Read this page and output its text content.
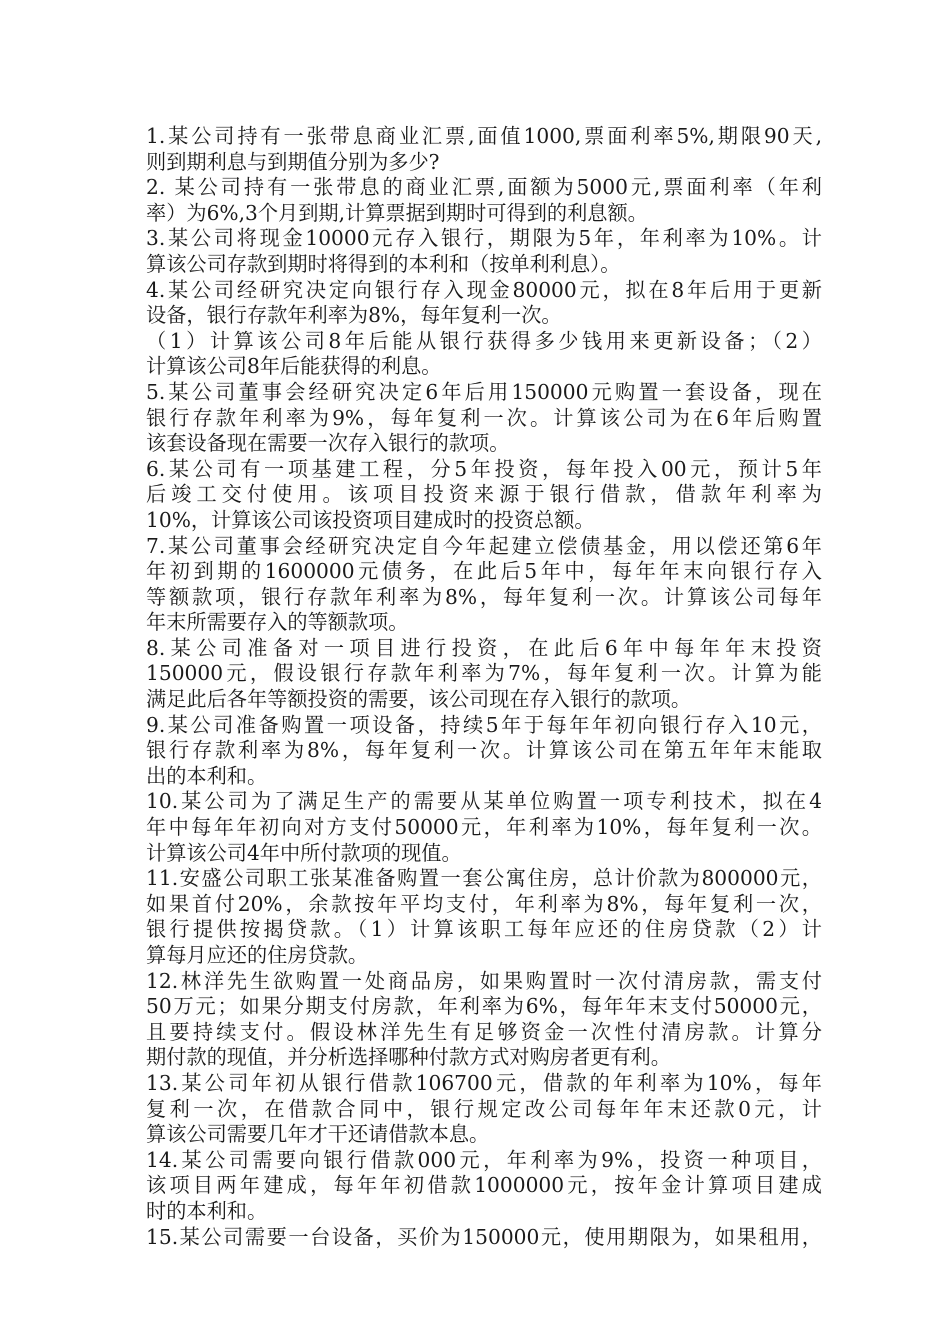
1.某公司持有一张带息商业汇票,面值1000,票面利率5%,期限90天,
则到期利息与到期值分别为多少?
2. 某公司持有一张带息的商业汇票,面额为5000元,票面利率（年利
率）为6%,3个月到期,计算票据到期时可得到的利息额。
3.某公司将现金10000元存入银行，期限为5年，年利率为10%。计
算该公司存款到期时将得到的本利和（按单利利息）。
4.某公司经研究决定向银行存入现金80000元，拟在8年后用于更新
设备，银行存款年利率为8%，每年复利一次。
（1）计算该公司8年后能从银行获得多少钱用来更新设备；（2）
计算该公司8年后能获得的利息。
5.某公司董事会经研究决定6年后用150000元购置一套设备，现在
银行存款年利率为9%，每年复利一次。计算该公司为在6年后购置
该套设备现在需要一次存入银行的款项。
6.某公司有一项基建工程，分5年投资，每年投入00元，预计5年
后竣工交付使用。该项目投资来源于银行借款，借款年利率为
10%，计算该公司该投资项目建成时的投资总额。
7.某公司董事会经研究决定自今年起建立偿债基金，用以偿还第6年
年初到期的1600000元债务，在此后5年中，每年年末向银行存入
等额款项，银行存款年利率为8%，每年复利一次。计算该公司每年
年末所需要存入的等额款项。
8.某公司准备对一项目进行投资，在此后6年中每年年末投资
150000元，假设银行存款年利率为7%，每年复利一次。计算为能
满足此后各年等额投资的需要，该公司现在存入银行的款项。
9.某公司准备购置一项设备，持续5年于每年年初向银行存入10元，
银行存款利率为8%，每年复利一次。计算该公司在第五年年末能取
出的本利和。
10.某公司为了满足生产的需要从某单位购置一项专利技术，拟在4
年中每年年初向对方支付50000元，年利率为10%，每年复利一次。
计算该公司4年中所付款项的现值。
11.安盛公司职工张某准备购置一套公寓住房，总计价款为800000元，
如果首付20%，余款按年平均支付，年利率为8%，每年复利一次，
银行提供按揭贷款。（1）计算该职工每年应还的住房贷款（2）计
算每月应还的住房贷款。
12.林洋先生欲购置一处商品房，如果购置时一次付清房款，需支付
50万元；如果分期支付房款，年利率为6%，每年年末支付50000元，
且要持续支付。假设林洋先生有足够资金一次性付清房款。计算分
期付款的现值，并分析选择哪种付款方式对购房者更有利。
13.某公司年初从银行借款106700元，借款的年利率为10%，每年
复利一次，在借款合同中，银行规定改公司每年年末还款0元，计
算该公司需要几年才干还请借款本息。
14.某公司需要向银行借款000元，年利率为9%，投资一种项目，
该项目两年建成，每年年初借款1000000元，按年金计算项目建成
时的本利和。
15.某公司需要一台设备，买价为150000元，使用期限为，如果租用，
